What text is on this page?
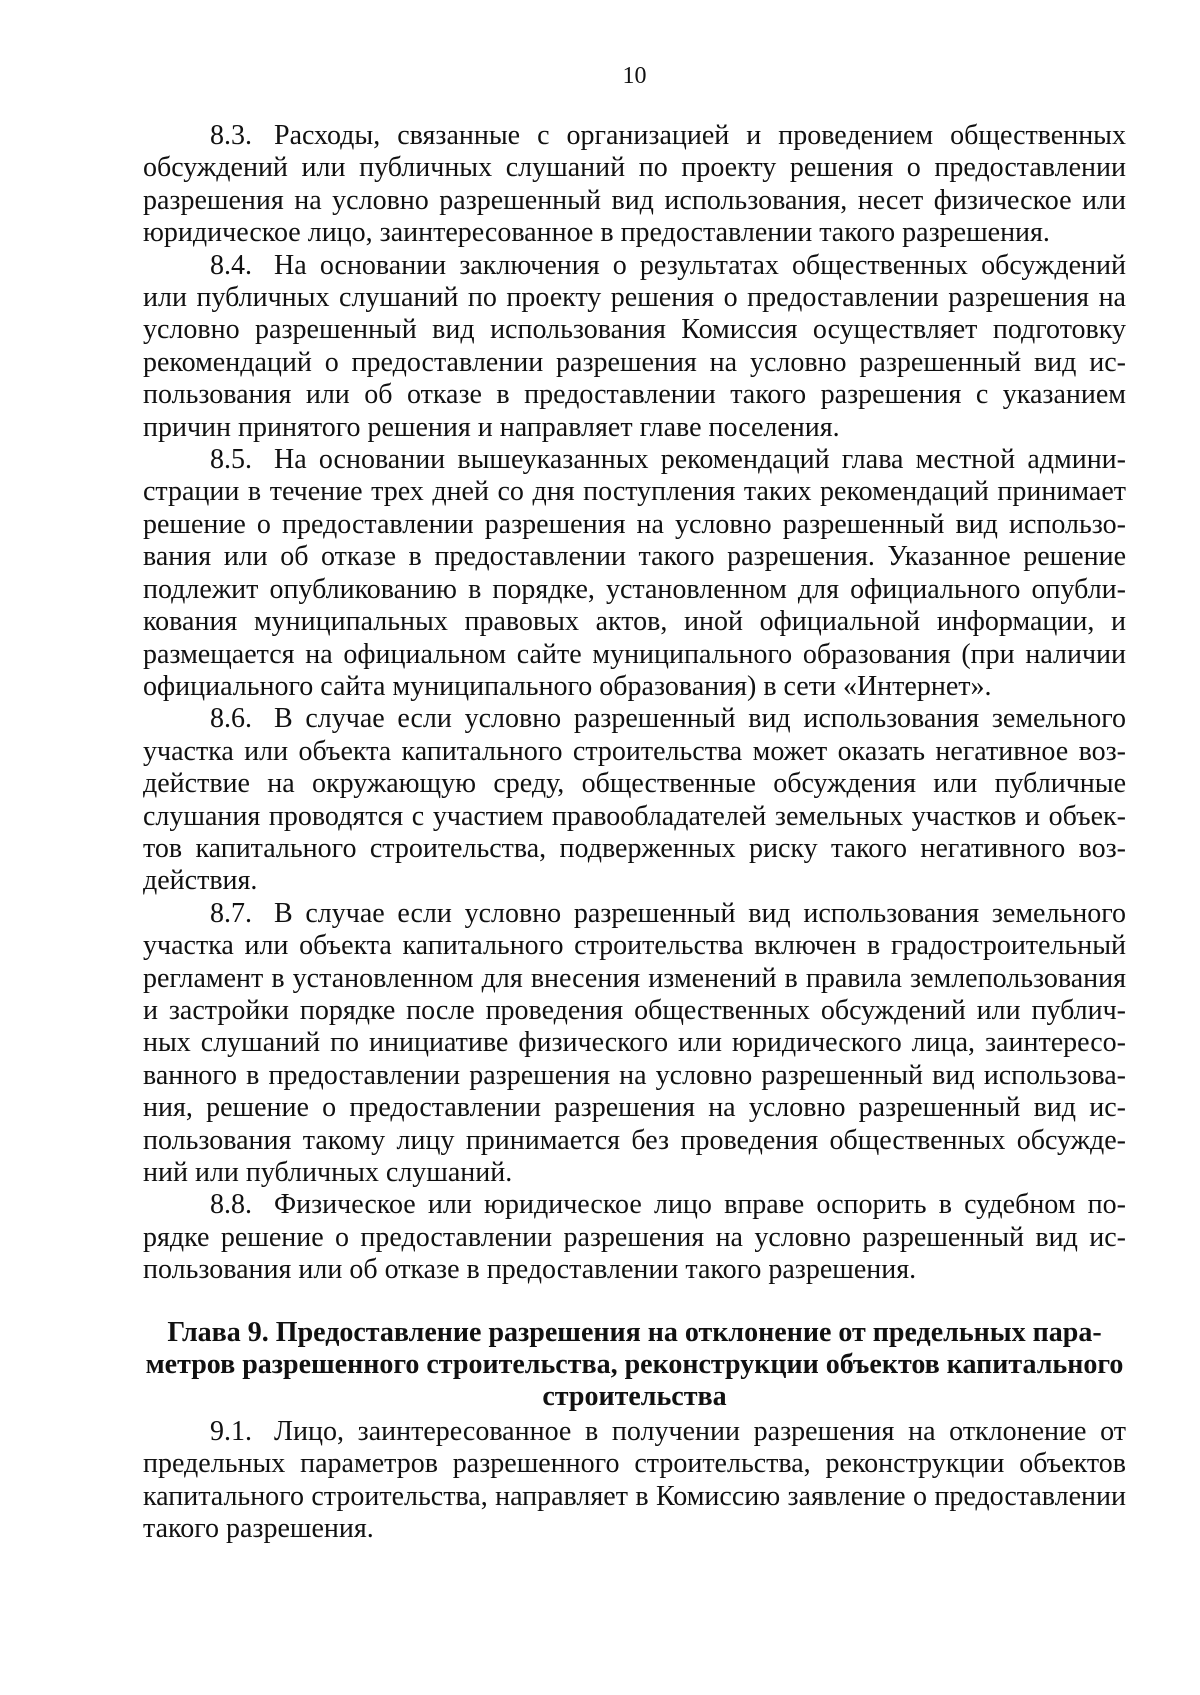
10

8.3. Расходы, связанные с организацией и проведением общественных обсуждений или публичных слушаний по проекту решения о предоставлении разрешения на условно разрешенный вид использования, несет физическое или юридическое лицо, заинтересованное в предоставлении такого разрешения.

8.4. На основании заключения о результатах общественных обсуждений или публичных слушаний по проекту решения о предоставлении разрешения на условно разрешенный вид использования Комиссия осуществляет подготовку рекомендаций о предоставлении разрешения на условно разрешенный вид использования или об отказе в предоставлении такого разрешения с указанием причин принятого решения и направляет главе поселения.

8.5. На основании вышеуказанных рекомендаций глава местной администрации в течение трех дней со дня поступления таких рекомендаций принимает решение о предоставлении разрешения на условно разрешенный вид использования или об отказе в предоставлении такого разрешения. Указанное решение подлежит опубликованию в порядке, установленном для официального опубликования муниципальных правовых актов, иной официальной информации, и размещается на официальном сайте муниципального образования (при наличии официального сайта муниципального образования) в сети «Интернет».

8.6. В случае если условно разрешенный вид использования земельного участка или объекта капитального строительства может оказать негативное воздействие на окружающую среду, общественные обсуждения или публичные слушания проводятся с участием правообладателей земельных участков и объектов капитального строительства, подверженных риску такого негативного воздействия.

8.7. В случае если условно разрешенный вид использования земельного участка или объекта капитального строительства включен в градостроительный регламент в установленном для внесения изменений в правила землепользования и застройки порядке после проведения общественных обсуждений или публичных слушаний по инициативе физического или юридического лица, заинтересованного в предоставлении разрешения на условно разрешенный вид использования, решение о предоставлении разрешения на условно разрешенный вид использования такому лицу принимается без проведения общественных обсуждений или публичных слушаний.

8.8. Физическое или юридическое лицо вправе оспорить в судебном порядке решение о предоставлении разрешения на условно разрешенный вид использования или об отказе в предоставлении такого разрешения.

Глава 9. Предоставление разрешения на отклонение от предельных параметров разрешенного строительства, реконструкции объектов капитального строительства

9.1. Лицо, заинтересованное в получении разрешения на отклонение от предельных параметров разрешенного строительства, реконструкции объектов капитального строительства, направляет в Комиссию заявление о предоставлении такого разрешения.
